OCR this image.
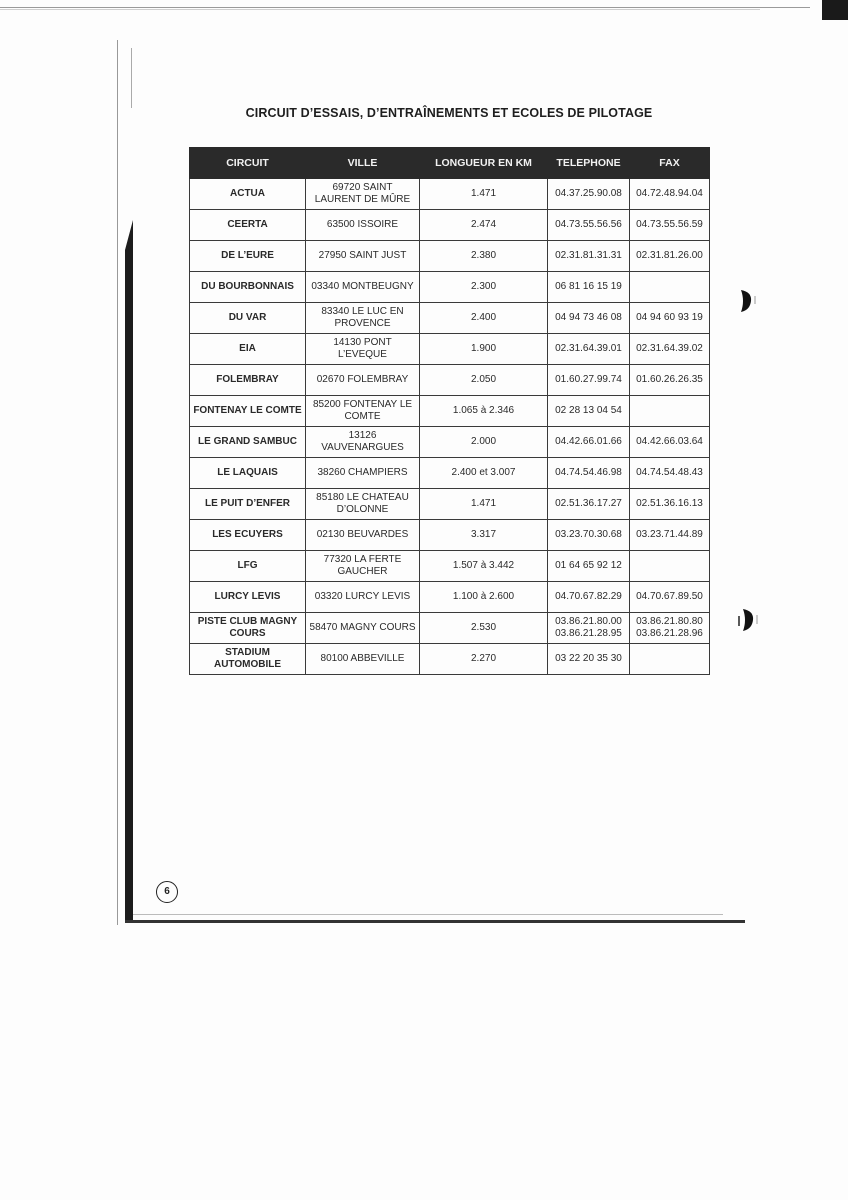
CIRCUIT D’ESSAIS, D’ENTRAÎNEMENTS ET ECOLES DE PILOTAGE
CIRCUIT	VILLE	LONGUEUR EN KM	TELEPHONE	FAX
ACTUA	69720 SAINT LAURENT DE MÛRE	1.471	04.37.25.90.08	04.72.48.94.04
CEERTA	63500 ISSOIRE	2.474	04.73.55.56.56	04.73.55.56.59
DE L’EURE	27950 SAINT JUST	2.380	02.31.81.31.31	02.31.81.26.00
DU BOURBONNAIS	03340 MONTBEUGNY	2.300	06 81 16 15 19	
DU VAR	83340 LE LUC EN PROVENCE	2.400	04 94 73 46 08	04 94 60 93 19
EIA	14130 PONT L’EVEQUE	1.900	02.31.64.39.01	02.31.64.39.02
FOLEMBRAY	02670 FOLEMBRAY	2.050	01.60.27.99.74	01.60.26.26.35
FONTENAY LE COMTE	85200 FONTENAY LE COMTE	1.065 à 2.346	02 28 13 04 54	
LE GRAND SAMBUC	13126 VAUVENARGUES	2.000	04.42.66.01.66	04.42.66.03.64
LE LAQUAIS	38260 CHAMPIERS	2.400 et 3.007	04.74.54.46.98	04.74.54.48.43
LE PUIT D’ENFER	85180 LE CHATEAU D’OLONNE	1.471	02.51.36.17.27	02.51.36.16.13
LES ECUYERS	02130 BEUVARDES	3.317	03.23.70.30.68	03.23.71.44.89
LFG	77320 LA FERTE GAUCHER	1.507 à 3.442	01 64 65 92 12	
LURCY LEVIS	03320 LURCY LEVIS	1.100 à 2.600	04.70.67.82.29	04.70.67.89.50
PISTE CLUB MAGNY COURS	58470 MAGNY COURS	2.530	03.86.21.80.00 03.86.21.28.95	03.86.21.80.80 03.86.21.28.96
STADIUM AUTOMOBILE	80100 ABBEVILLE	2.270	03 22 20 35 30	
6
